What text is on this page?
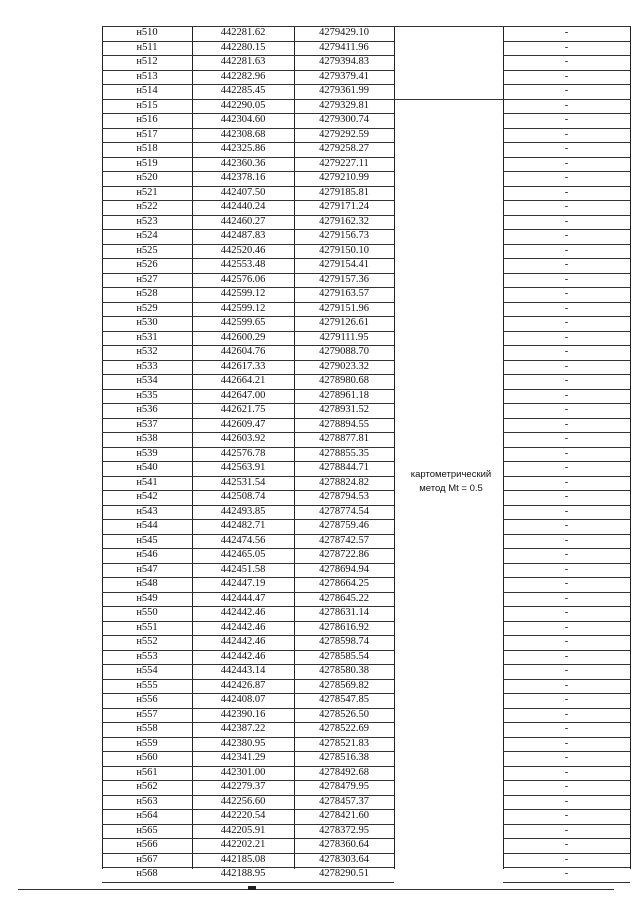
н510	442281.62	4279429.10	-
н511	442280.15	4279411.96	-
н512	442281.63	4279394.83	-
н513	442282.96	4279379.41	-
н514	442285.45	4279361.99	-
н515	442290.05	4279329.81	-
н516	442304.60	4279300.74	-
н517	442308.68	4279292.59	-
н518	442325.86	4279258.27	-
н519	442360.36	4279227.11	-
н520	442378.16	4279210.99	-
н521	442407.50	4279185.81	-
н522	442440.24	4279171.24	-
н523	442460.27	4279162.32	-
н524	442487.83	4279156.73	-
н525	442520.46	4279150.10	-
н526	442553.48	4279154.41	-
н527	442576.06	4279157.36	-
н528	442599.12	4279163.57	-
н529	442599.12	4279151.96	-
н530	442599.65	4279126.61	-
н531	442600.29	4279111.95	-
н532	442604.76	4279088.70	-
н533	442617.33	4279023.32	-
н534	442664.21	4278980.68	-
н535	442647.00	4278961.18	-
н536	442621.75	4278931.52	-
н537	442609.47	4278894.55	-
н538	442603.92	4278877.81	-
н539	442576.78	4278855.35	-
н540	442563.91	4278844.71	-
н541	442531.54	4278824.82	-
н542	442508.74	4278794.53	-
н543	442493.85	4278774.54	-
н544	442482.71	4278759.46	-
н545	442474.56	4278742.57	-
н546	442465.05	4278722.86	-
н547	442451.58	4278694.94	-
н548	442447.19	4278664.25	-
н549	442444.47	4278645.22	-
н550	442442.46	4278631.14	-
н551	442442.46	4278616.92	-
н552	442442.46	4278598.74	-
н553	442442.46	4278585.54	-
н554	442443.14	4278580.38	-
н555	442426.87	4278569.82	-
н556	442408.07	4278547.85	-
н557	442390.16	4278526.50	-
н558	442387.22	4278522.69	-
н559	442380.95	4278521.83	-
н560	442341.29	4278516.38	-
н561	442301.00	4278492.68	-
н562	442279.37	4278479.95	-
н563	442256.60	4278457.37	-
н564	442220.54	4278421.60	-
н565	442205.91	4278372.95	-
н566	442202.21	4278360.64	-
н567	442185.08	4278303.64	-
н568	442188.95	4278290.51	-
картометрический
метод Mt = 0.5
